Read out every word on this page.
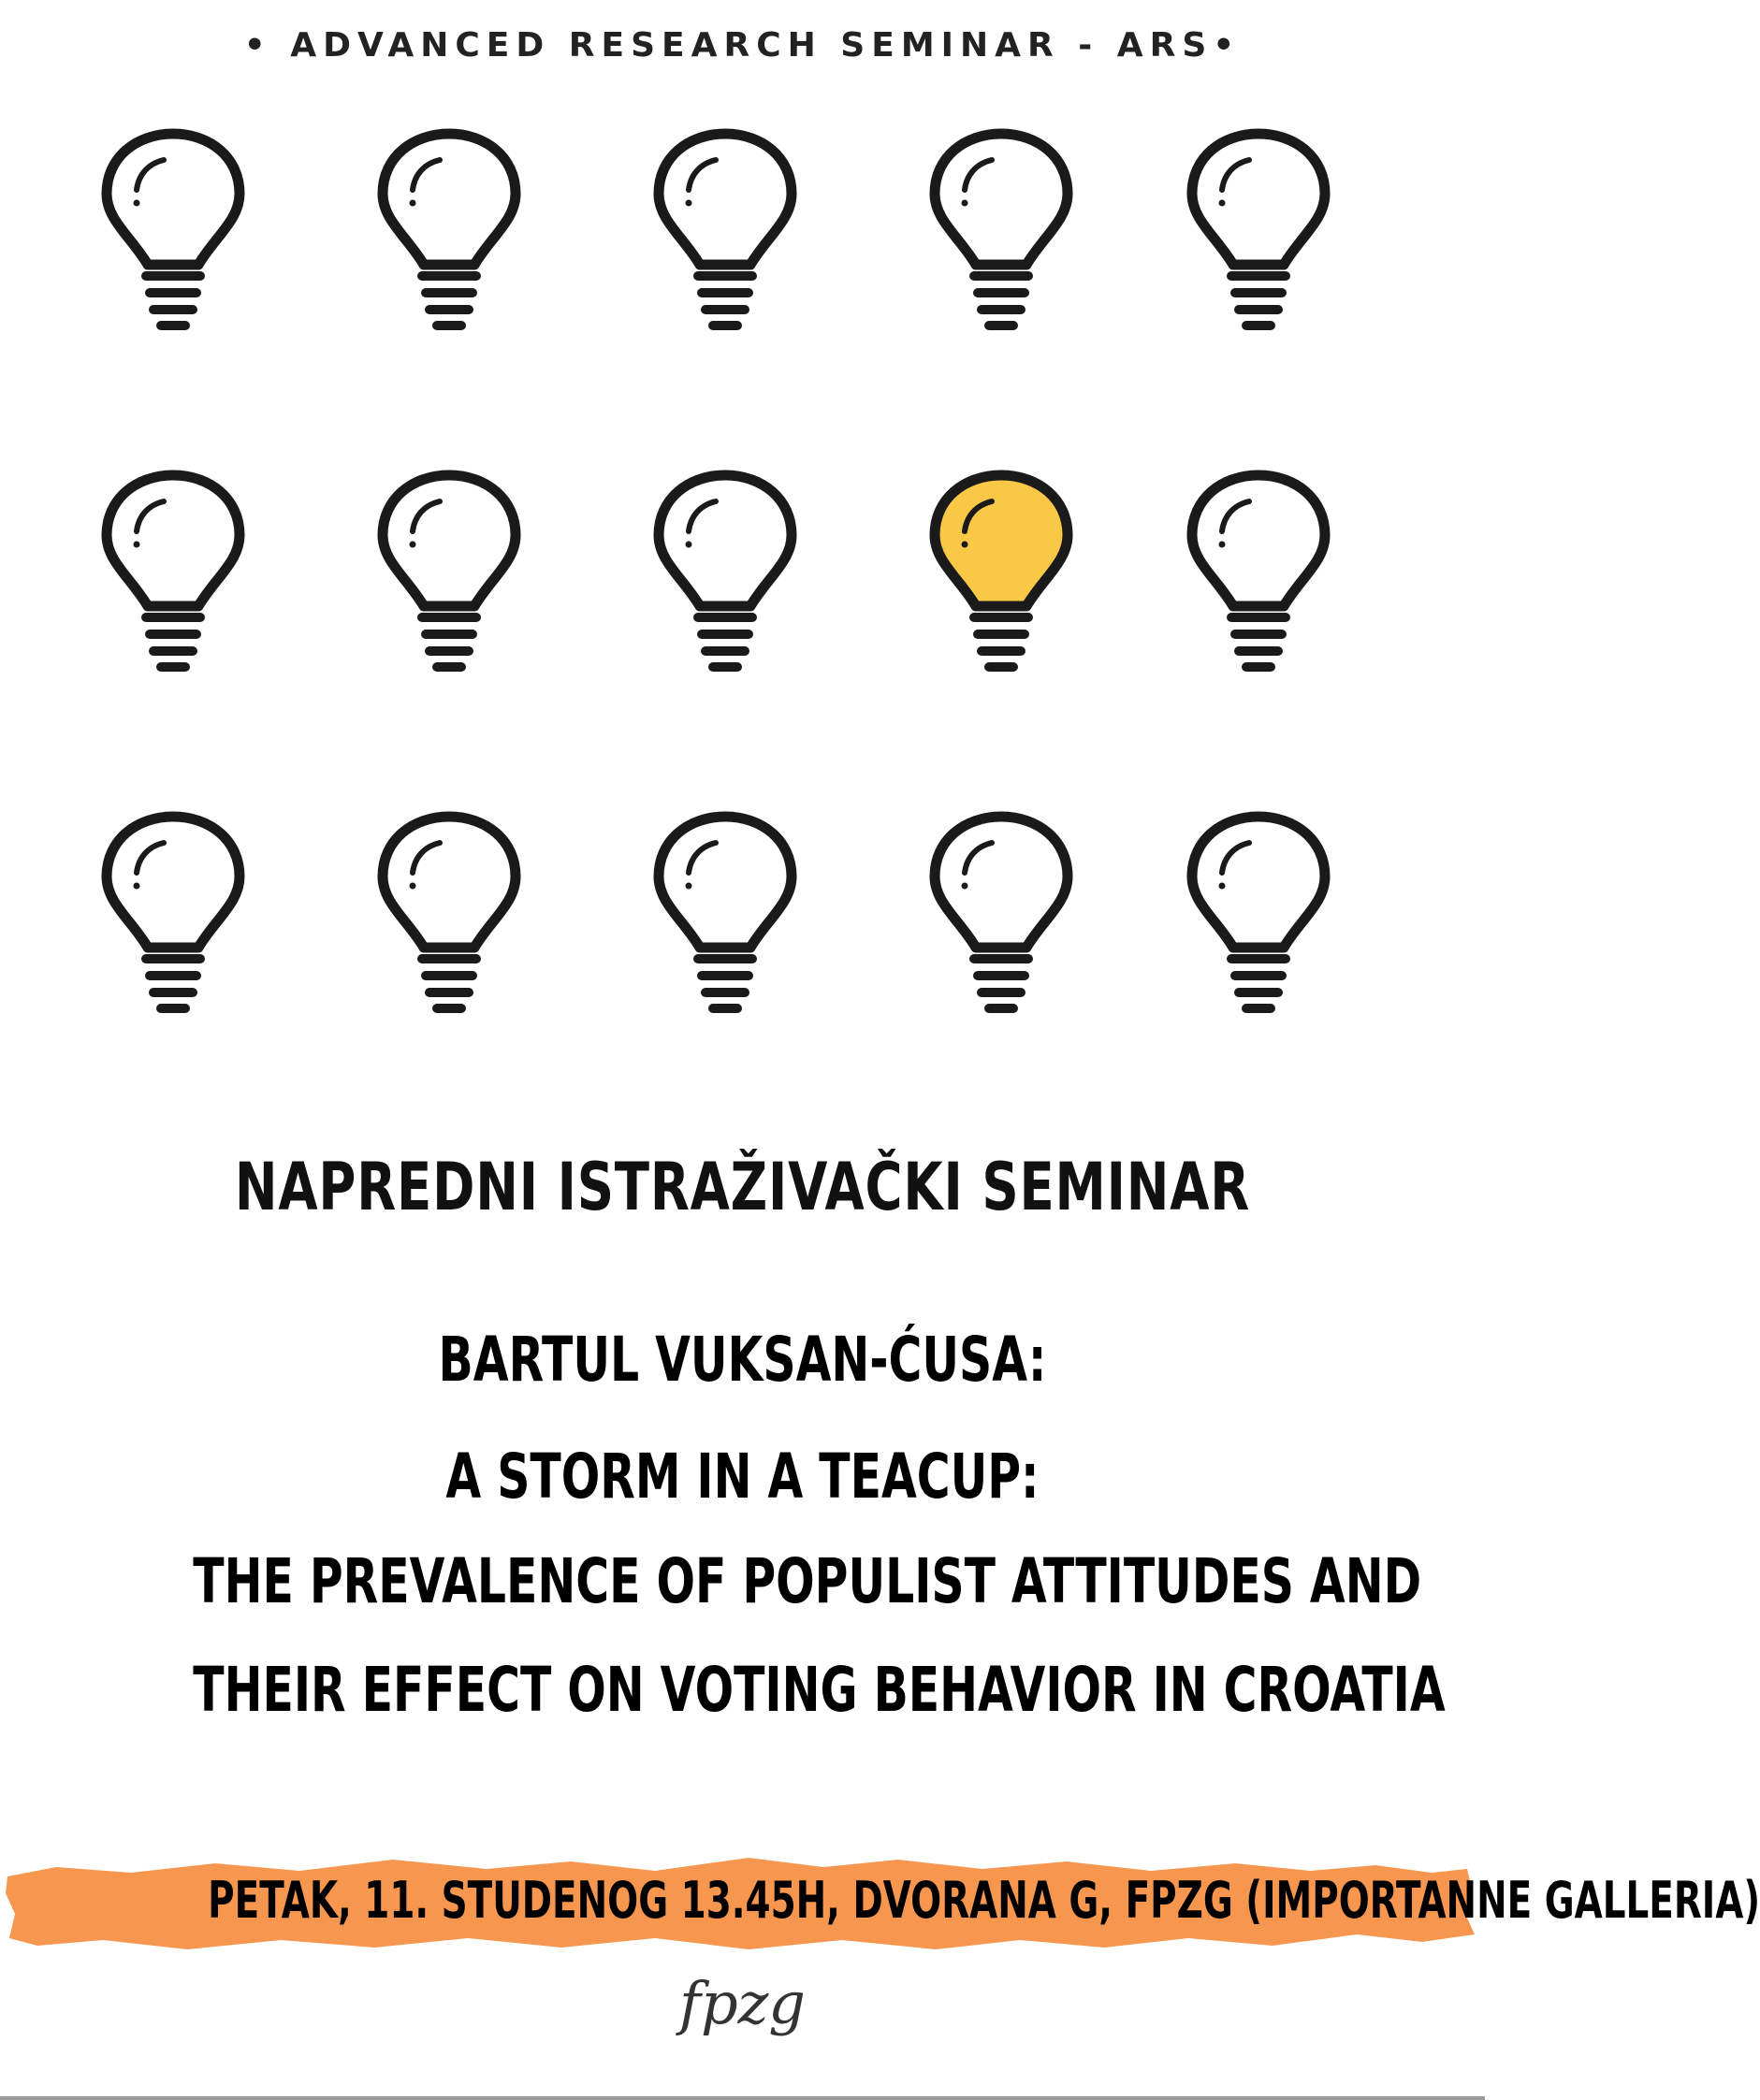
• ADVANCED RESEARCH SEMINAR - ARS•
NAPREDNI ISTRAŽIVAČKI SEMINAR
BARTUL VUKSAN-ĆUSA:
A STORM IN A TEACUP:
THE PREVALENCE OF POPULIST ATTITUDES AND
THEIR EFFECT ON VOTING BEHAVIOR IN CROATIA
PETAK, 11. STUDENOG 13.45H, DVORANA G, FPZG (IMPORTANNE GALLERIA)
fpzg
